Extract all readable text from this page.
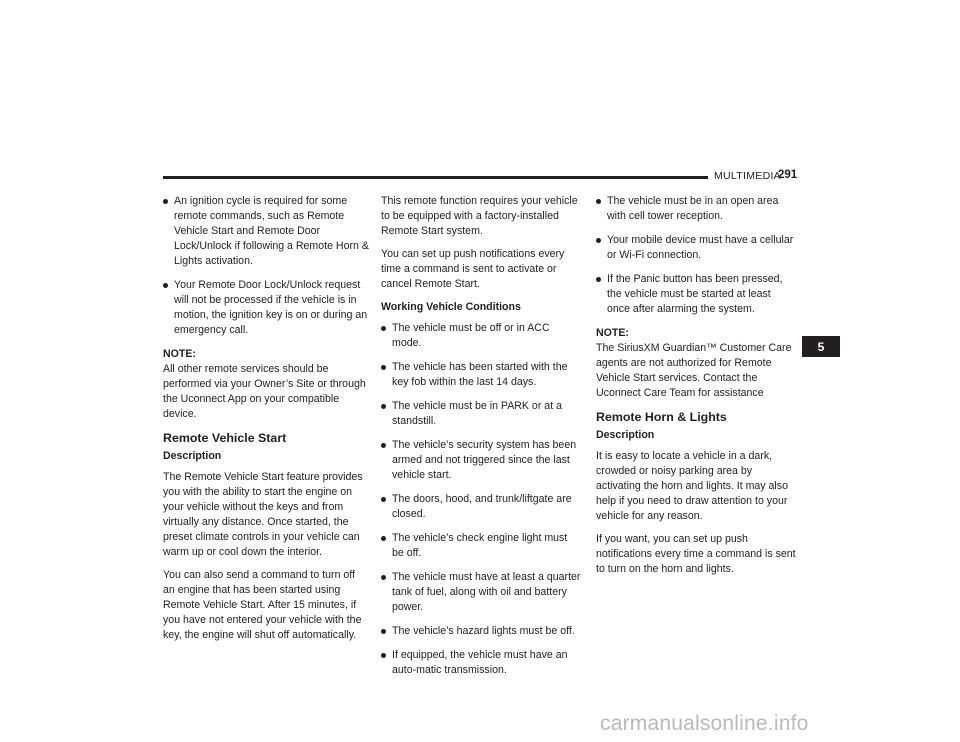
MULTIMEDIA
291
An ignition cycle is required for some remote commands, such as Remote Vehicle Start and Remote Door Lock/Unlock if following a Remote Horn & Lights activation.
Your Remote Door Lock/Unlock request will not be processed if the vehicle is in motion, the ignition key is on or during an emergency call.

NOTE:

All other remote services should be performed via your Owner’s Site or through the Uconnect App on your compatible device.

Remote Vehicle Start
Description

The Remote Vehicle Start feature provides you with the ability to start the engine on your vehicle without the keys and from virtually any distance. Once started, the preset climate controls in your vehicle can warm up or cool down the interior.

You can also send a command to turn off an engine that has been started using Remote Vehicle Start. After 15 minutes, if you have not entered your vehicle with the key, the engine will shut off automatically.

This remote function requires your vehicle to be equipped with a factory-installed Remote Start system.

You can set up push notifications every time a command is sent to activate or cancel Remote Start.

Working Vehicle Conditions
The vehicle must be off or in ACC mode.
The vehicle has been started with the key fob within the last 14 days.
The vehicle must be in PARK or at a standstill.
The vehicle’s security system has been armed and not triggered since the last vehicle start.
The doors, hood, and trunk/liftgate are closed.
The vehicle’s check engine light must be off.
The vehicle must have at least a quarter tank of fuel, along with oil and battery power.
The vehicle’s hazard lights must be off.
If equipped, the vehicle must have an auto-matic transmission.
The vehicle must be in an open area with cell tower reception.
Your mobile device must have a cellular or Wi-Fi connection.
If the Panic button has been pressed, the vehicle must be started at least once after alarming the system.

NOTE:

The SiriusXM Guardian™ Customer Care agents are not authorized for Remote Vehicle Start services. Contact the Uconnect Care Team for assistance

Remote Horn & Lights
Description

It is easy to locate a vehicle in a dark, crowded or noisy parking area by activating the horn and lights. It may also help if you need to draw attention to your vehicle for any reason.

If you want, you can set up push notifications every time a command is sent to turn on the horn and lights.

5
carmanualsonline.info
